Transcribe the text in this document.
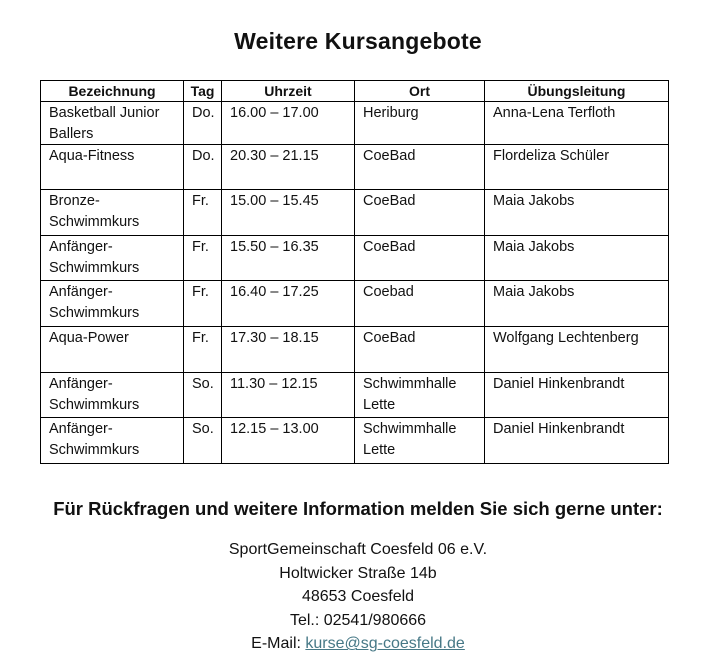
Weitere Kursangebote
Bezeichnung	Tag	Uhrzeit	Ort	Übungsleitung
Basketball Junior Ballers	Do.	16.00 – 17.00	Heriburg	Anna-Lena Terfloth
Aqua-Fitness	Do.	20.30 – 21.15	CoeBad	Flordeliza Schüler
Bronze-Schwimmkurs	Fr.	15.00 – 15.45	CoeBad	Maia Jakobs
Anfänger-Schwimmkurs	Fr.	15.50 – 16.35	CoeBad	Maia Jakobs
Anfänger-Schwimmkurs	Fr.	16.40 – 17.25	Coebad	Maia Jakobs
Aqua-Power	Fr.	17.30 – 18.15	CoeBad	Wolfgang Lechtenberg
Anfänger-Schwimmkurs	So.	11.30 – 12.15	Schwimmhalle Lette	Daniel Hinkenbrandt
Anfänger-Schwimmkurs	So.	12.15 – 13.00	Schwimmhalle Lette	Daniel Hinkenbrandt
Für Rückfragen und weitere Information melden Sie sich gerne unter:
SportGemeinschaft Coesfeld 06 e.V.
Holtwicker Straße 14b
48653 Coesfeld
Tel.: 02541/980666
E-Mail: kurse@sg-coesfeld.de
